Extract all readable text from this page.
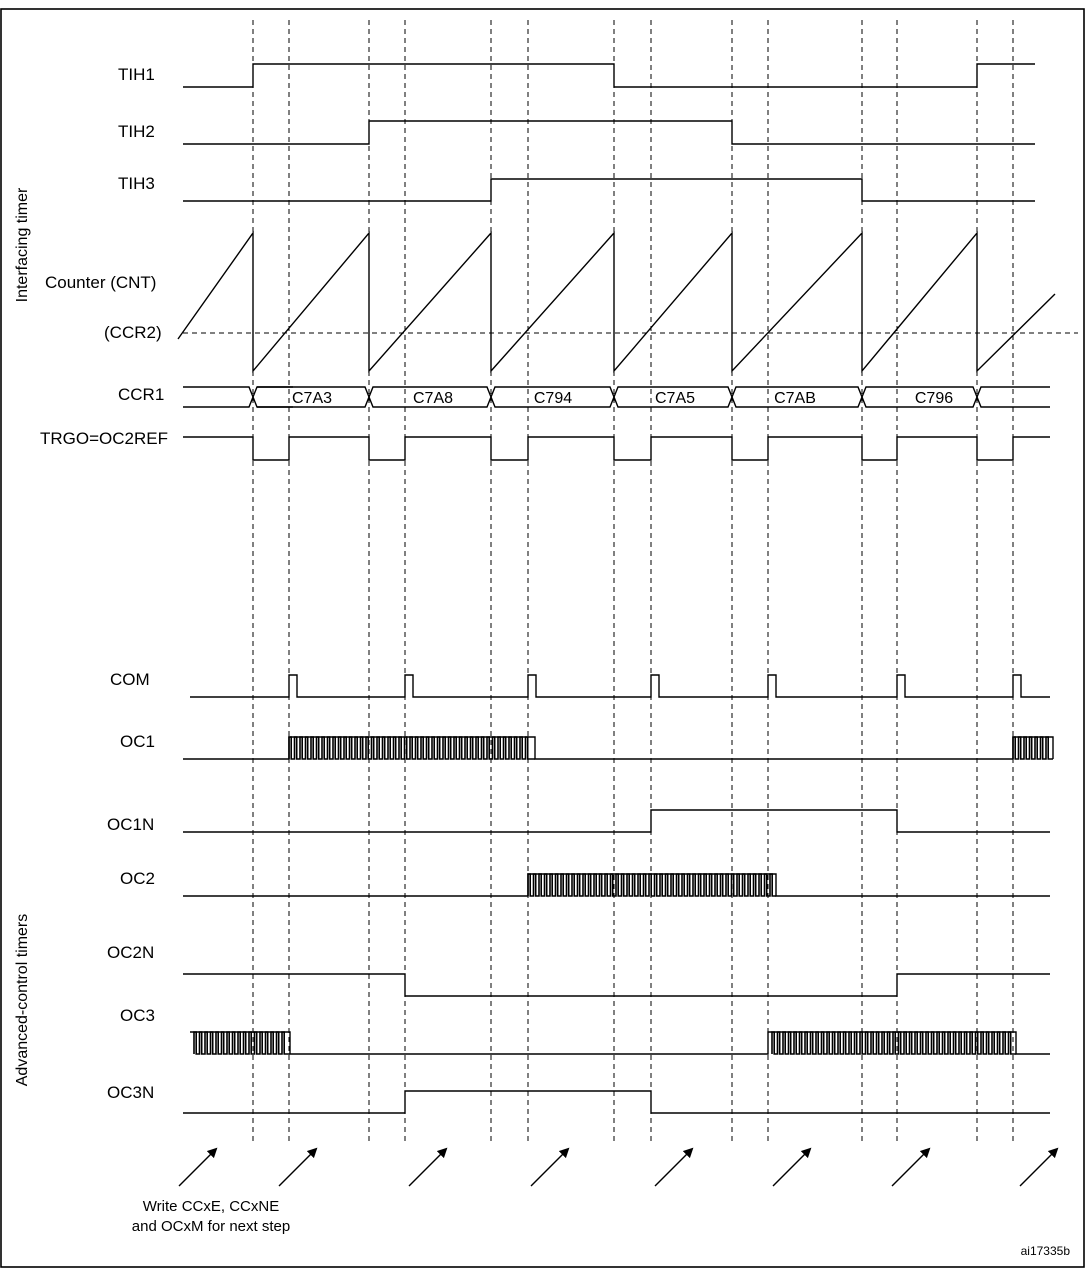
Interfacing timer
Advanced-control timers
TIH1
TIH2
TIH3
Counter (CNT)
(CCR2)
CCR1	C7A3	C7A8	C794	C7A5	C7AB	C796
TRGO=OC2REF
COM
OC1
OC1N
OC2
OC2N
OC3
OC3N
Write CCxE, CCxNE
and OCxM for next step
ai17335b
